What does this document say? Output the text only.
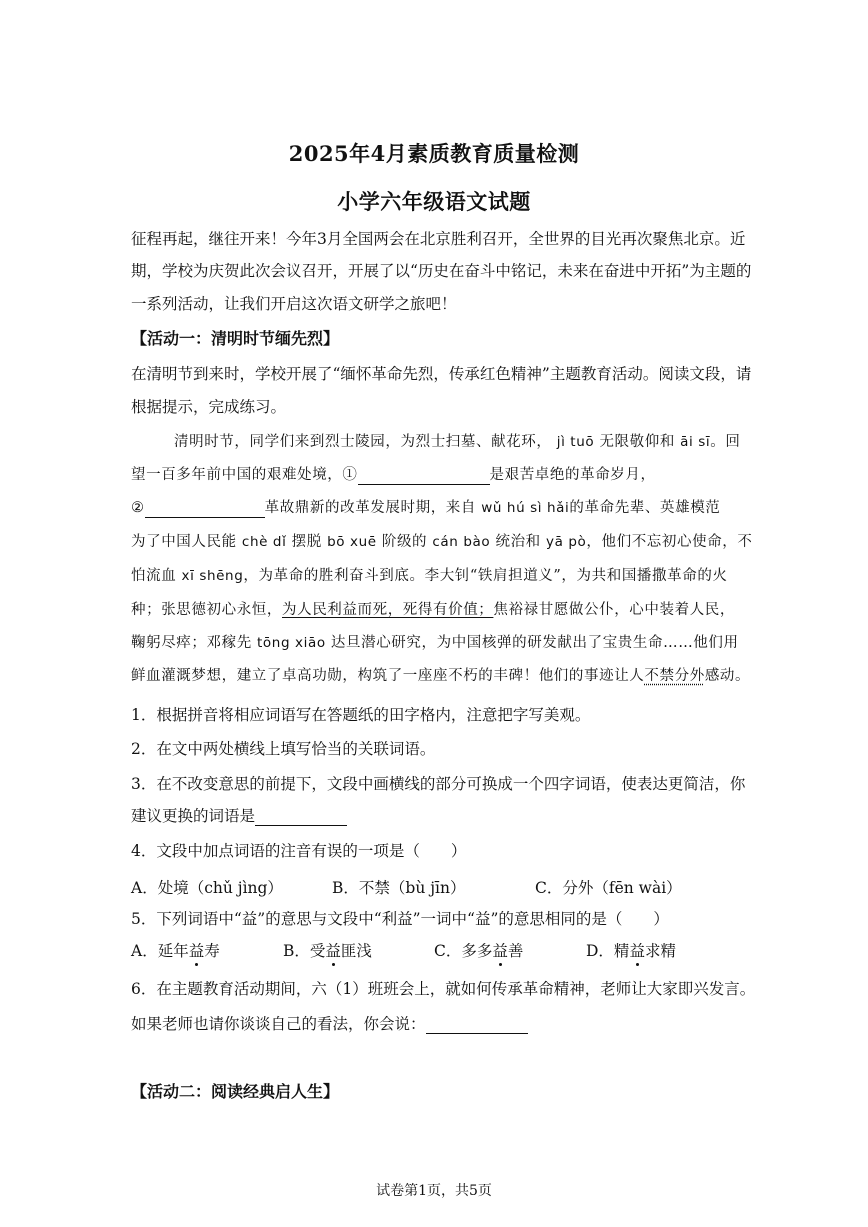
2025年4月素质教育质量检测
小学六年级语文试题
征程再起，继往开来！今年3月全国两会在北京胜利召开，全世界的目光再次聚焦北京。近
期，学校为庆贺此次会议召开，开展了以“历史在奋斗中铭记，未来在奋进中开拓”为主题的
一系列活动，让我们开启这次语文研学之旅吧！
【活动一：清明时节缅先烈】
在清明节到来时，学校开展了“缅怀革命先烈，传承红色精神”主题教育活动。阅读文段，请
根据提示，完成练习。
清明时节，同学们来到烈士陵园，为烈士扫墓、献花环， jì tuō 无限敬仰和 āi sī。回
望一百多年前中国的艰难处境，①	是艰苦卓绝的革命岁月，
②	革故鼎新的改革发展时期，来自 wǔ hú sì hǎi的革命先辈、英雄模范
为了中国人民能 chè dǐ 摆脱 bō xuē 阶级的 cán bào 统治和 yā pò，他们不忘初心使命，不
怕流血 xī shēng，为革命的胜利奋斗到底。李大钊“铁肩担道义”，为共和国播撒革命的火
种；张思德初心永恒，为人民利益而死，死得有价值；焦裕禄甘愿做公仆，心中装着人民，
鞠躬尽瘁；邓稼先 tōng xiāo 达旦潜心研究，为中国核弹的研发献出了宝贵生命……他们用
鲜血灌溉梦想，建立了卓高功勋，构筑了一座座不朽的丰碑！他们的事迹让人不禁分外感动。
1．根据拼音将相应词语写在答题纸的田字格内，注意把字写美观。
2．在文中两处横线上填写恰当的关联词语。
3．在不改变意思的前提下，文段中画横线的部分可换成一个四字词语，使表达更简洁，你
建议更换的词语是
4．文段中加点词语的注音有误的一项是（　　）
A．处境（chǔ jìng）	B．不禁（bù jīn）	C．分外（fēn wài）
5．下列词语中“益”的意思与文段中“利益”一词中“益”的意思相同的是（　　）
A．延年益寿	B．受益匪浅	C．多多益善	D．精益求精
6．在主题教育活动期间，六（1）班班会上，就如何传承革命精神，老师让大家即兴发言。
如果老师也请你谈谈自己的看法，你会说：
【活动二：阅读经典启人生】
试卷第1页，共5页
